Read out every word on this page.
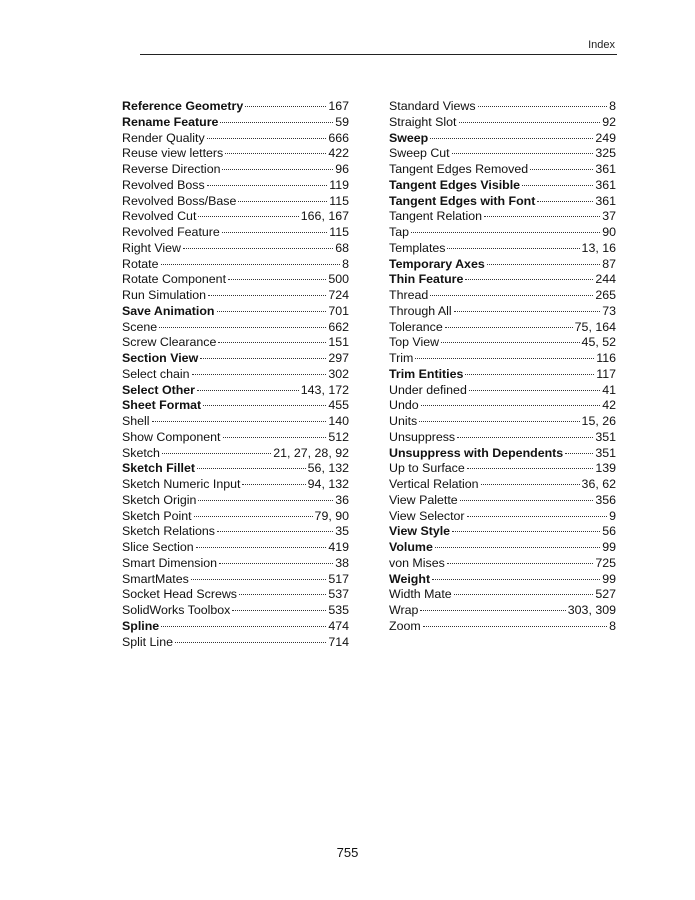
Index
Reference Geometry	167
Rename Feature	59
Render Quality	666
Reuse view letters	422
Reverse Direction	96
Revolved Boss	119
Revolved Boss/Base	115
Revolved Cut	166, 167
Revolved Feature	115
Right View	68
Rotate	8
Rotate Component	500
Run Simulation	724
Save Animation	701
Scene	662
Screw Clearance	151
Section View	297
Select chain	302
Select Other	143, 172
Sheet Format	455
Shell	140
Show Component	512
Sketch	21, 27, 28, 92
Sketch Fillet	56, 132
Sketch Numeric Input	94, 132
Sketch Origin	36
Sketch Point	79, 90
Sketch Relations	35
Slice Section	419
Smart Dimension	38
SmartMates	517
Socket Head Screws	537
SolidWorks Toolbox	535
Spline	474
Split Line	714
Standard Views	8
Straight Slot	92
Sweep	249
Sweep Cut	325
Tangent Edges Removed	361
Tangent Edges Visible	361
Tangent Edges with Font	361
Tangent Relation	37
Tap	90
Templates	13, 16
Temporary Axes	87
Thin Feature	244
Thread	265
Through All	73
Tolerance	75, 164
Top View	45, 52
Trim	116
Trim Entities	117
Under defined	41
Undo	42
Units	15, 26
Unsuppress	351
Unsuppress with Dependents	351
Up to Surface	139
Vertical Relation	36, 62
View Palette	356
View Selector	9
View Style	56
Volume	99
von Mises	725
Weight	99
Width Mate	527
Wrap	303, 309
Zoom	8
755
